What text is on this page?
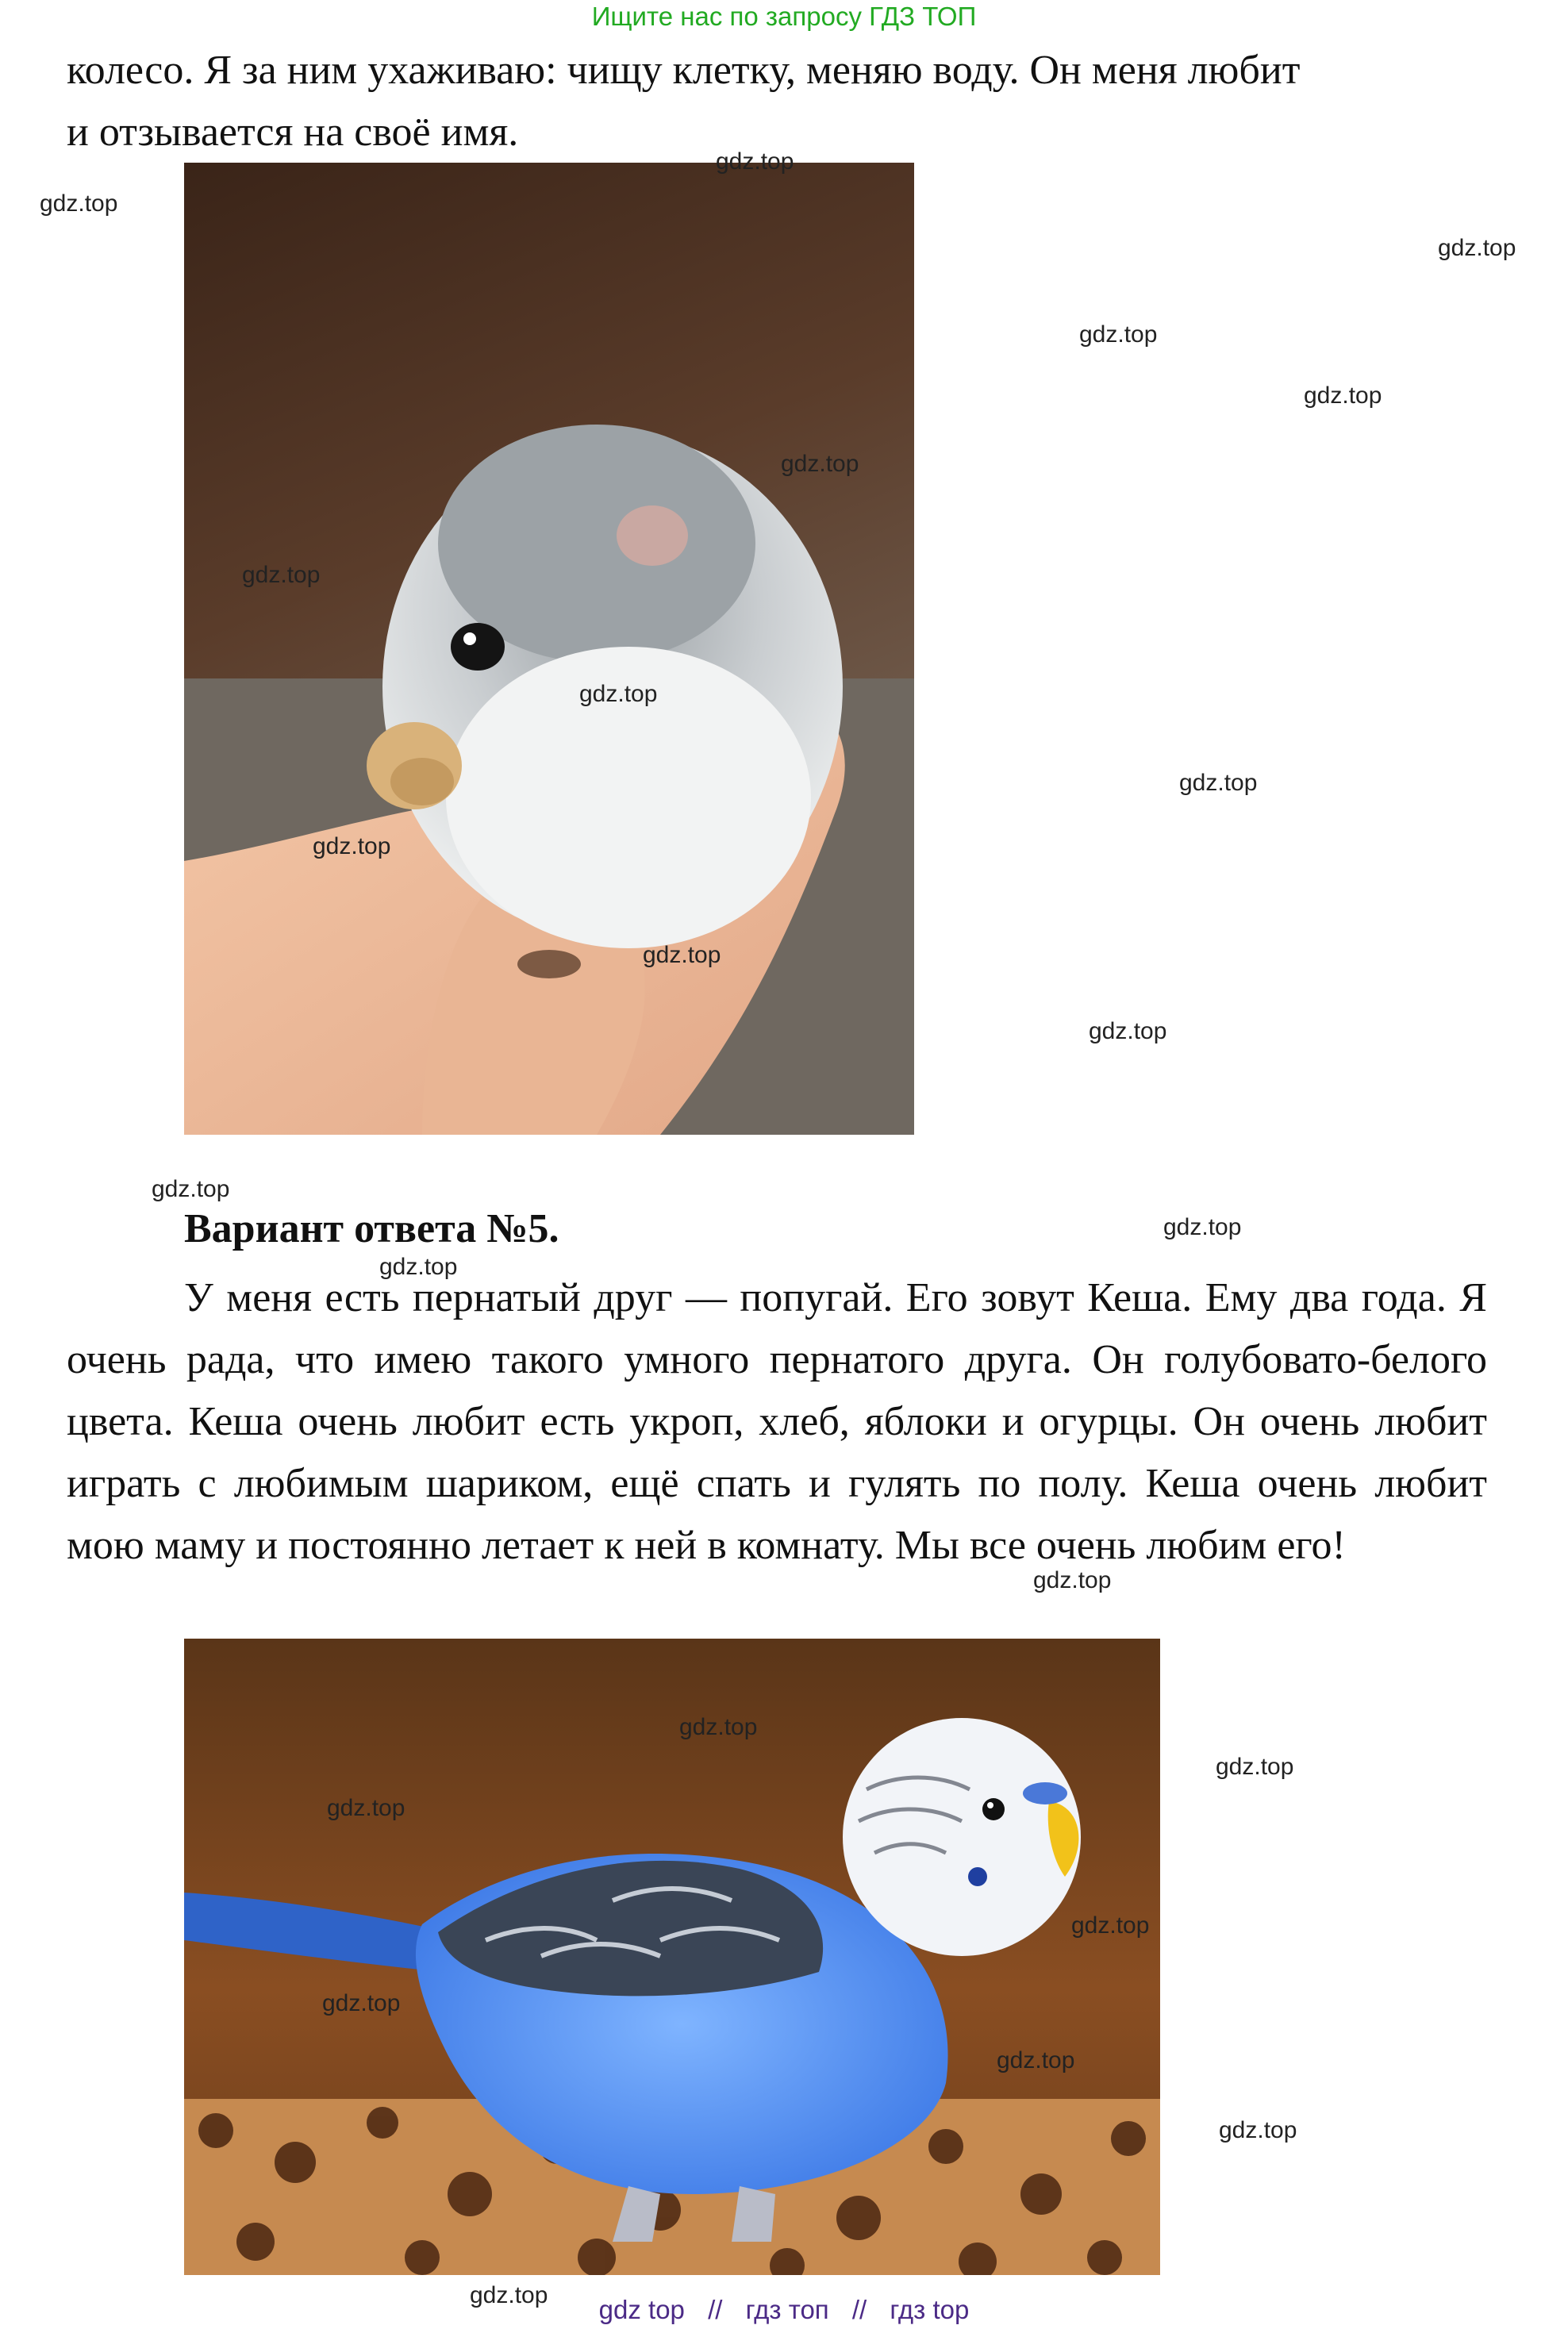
Ищите нас по запросу ГДЗ ТОП

колесо. Я за ним ухаживаю: чищу клетку, меняю воду. Он меня любит

и отзывается на своё имя.

Вариант ответа №5.

У меня есть пернатый друг — попугай. Его зовут Кеша. Ему два года. Я очень рада, что имею такого умного пернатого друга. Он голубовато-белого цвета. Кеша очень любит есть укроп, хлеб, яблоки и огурцы. Он очень любит играть с любимым шариком, ещё спать и гулять по полу. Кеша очень любит мою маму и постоянно летает к ней в комнату. Мы все очень любим его!

gdz.top
gdz.top
gdz.top
gdz.top
gdz.top
gdz.top
gdz.top
gdz.top
gdz.top
gdz.top
gdz.top
gdz.top
gdz.top
gdz.top
gdz.top
gdz.top
gdz.top
gdz.top
gdz.top
gdz.top
gdz.top
gdz.top
gdz.top
gdz.top	gdz top // гдз топ // гдз top
